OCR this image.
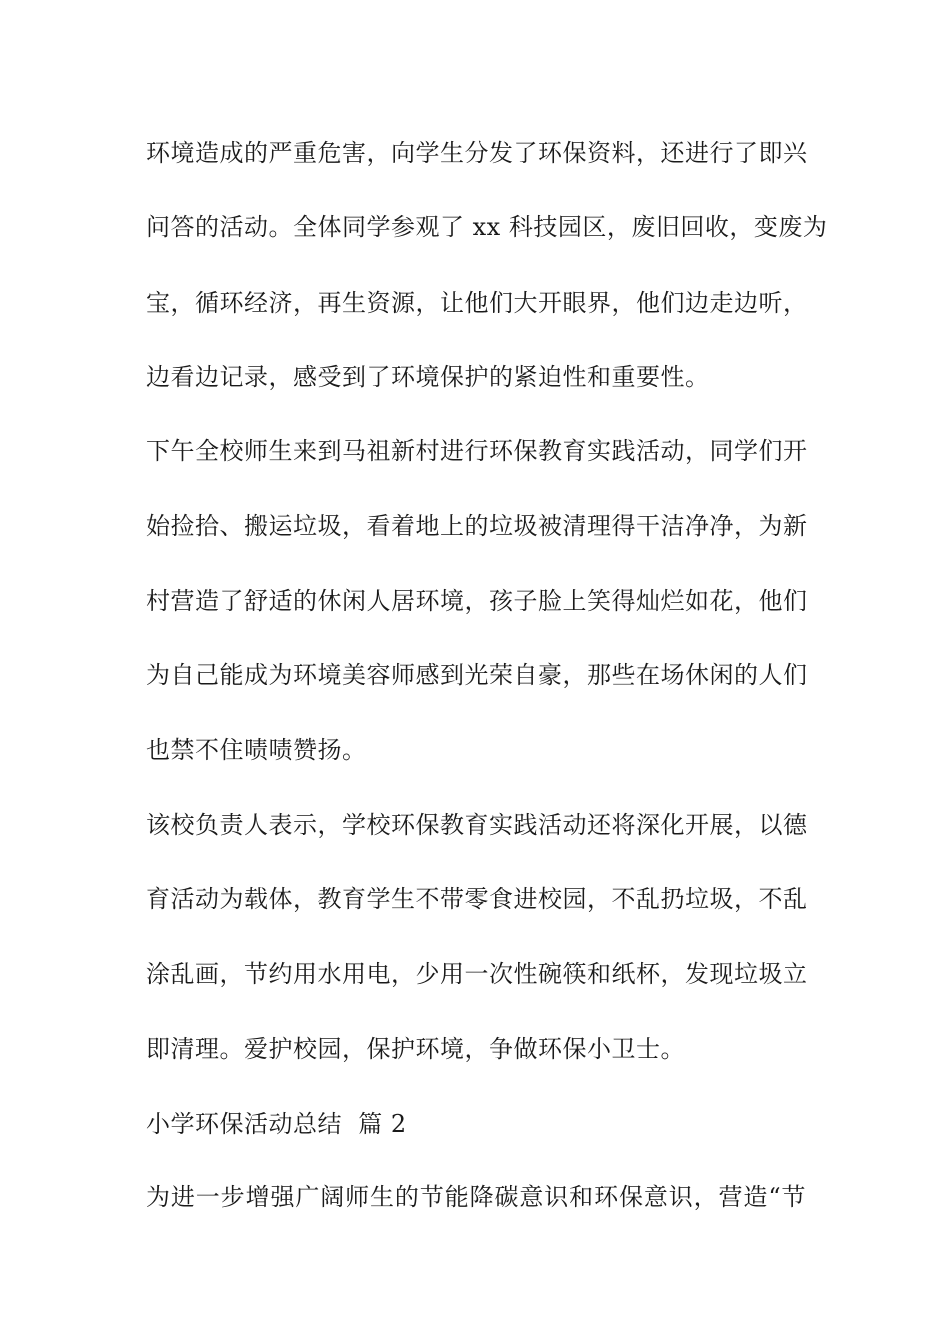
环境造成的严重危害，向学生分发了环保资料，还进行了即兴
问答的活动。全体同学参观了 xx 科技园区，废旧回收，变废为
宝，循环经济，再生资源，让他们大开眼界，他们边走边听，
边看边记录，感受到了环境保护的紧迫性和重要性。
下午全校师生来到马祖新村进行环保教育实践活动，同学们开
始捡拾、搬运垃圾，看着地上的垃圾被清理得干洁净净，为新
村营造了舒适的休闲人居环境，孩子脸上笑得灿烂如花，他们
为自己能成为环境美容师感到光荣自豪，那些在场休闲的人们
也禁不住啧啧赞扬。
该校负责人表示，学校环保教育实践活动还将深化开展，以德
育活动为载体，教育学生不带零食进校园，不乱扔垃圾，不乱
涂乱画，节约用水用电，少用一次性碗筷和纸杯，发现垃圾立
即清理。爱护校园，保护环境，争做环保小卫士。
小学环保活动总结  篇 2
为进一步增强广阔师生的节能降碳意识和环保意识，营造“节
